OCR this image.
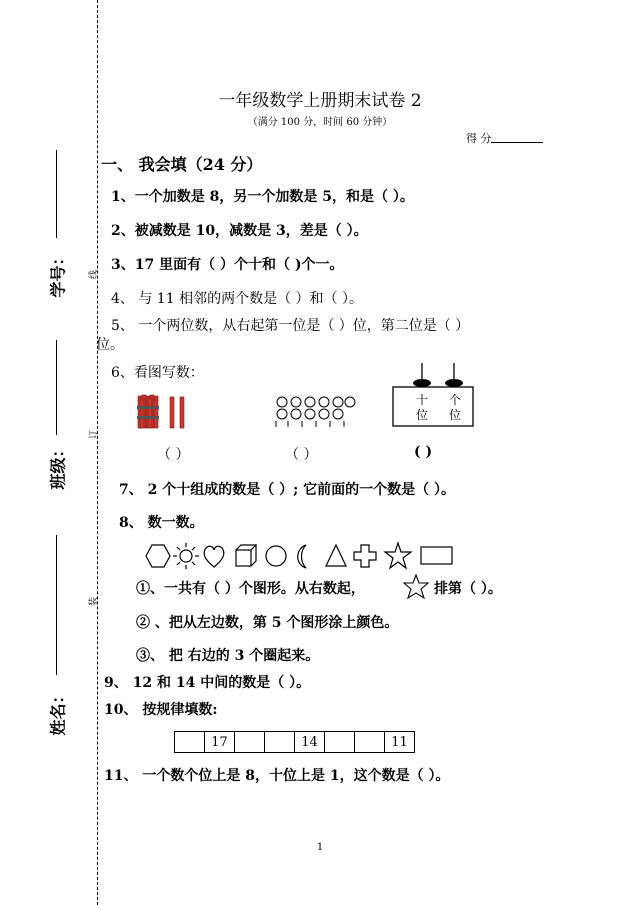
学号：
班级：
姓名：
线
订
装
一年级数学上册期末试卷 2
（满分 100 分，时间 60 分钟）
得 分
一、 我会填（24 分）
1、一个加数是 8，另一个加数是 5，和是（ ）。
2、被减数是 10，减数是 3，差是（ ）。
3、17 里面有（ ）个十和（ )个一。
4、 与 11 相邻的两个数是（ ）和（ ）。
5、 一个两位数，从右起第一位是（ ）位，第二位是（ ）
位。
6、看图写数：
十
位
个
位
（ ）	（ ）	( )
7、 2 个十组成的数是（ ）; 它前面的一个数是（ ）。
8、 数一数。
①、一共有（ ）个图形。从右数起，	排第（ ）。
② 、把从左边数，第 5 个图形涂上颜色。
③、 把 右边的 3 个圈起来。
9、 12 和 14 中间的数是（ ）。
10、 按规律填数:
	17			14			11
11、 一个数个位上是 8，十位上是 1，这个数是（ ）。
1
